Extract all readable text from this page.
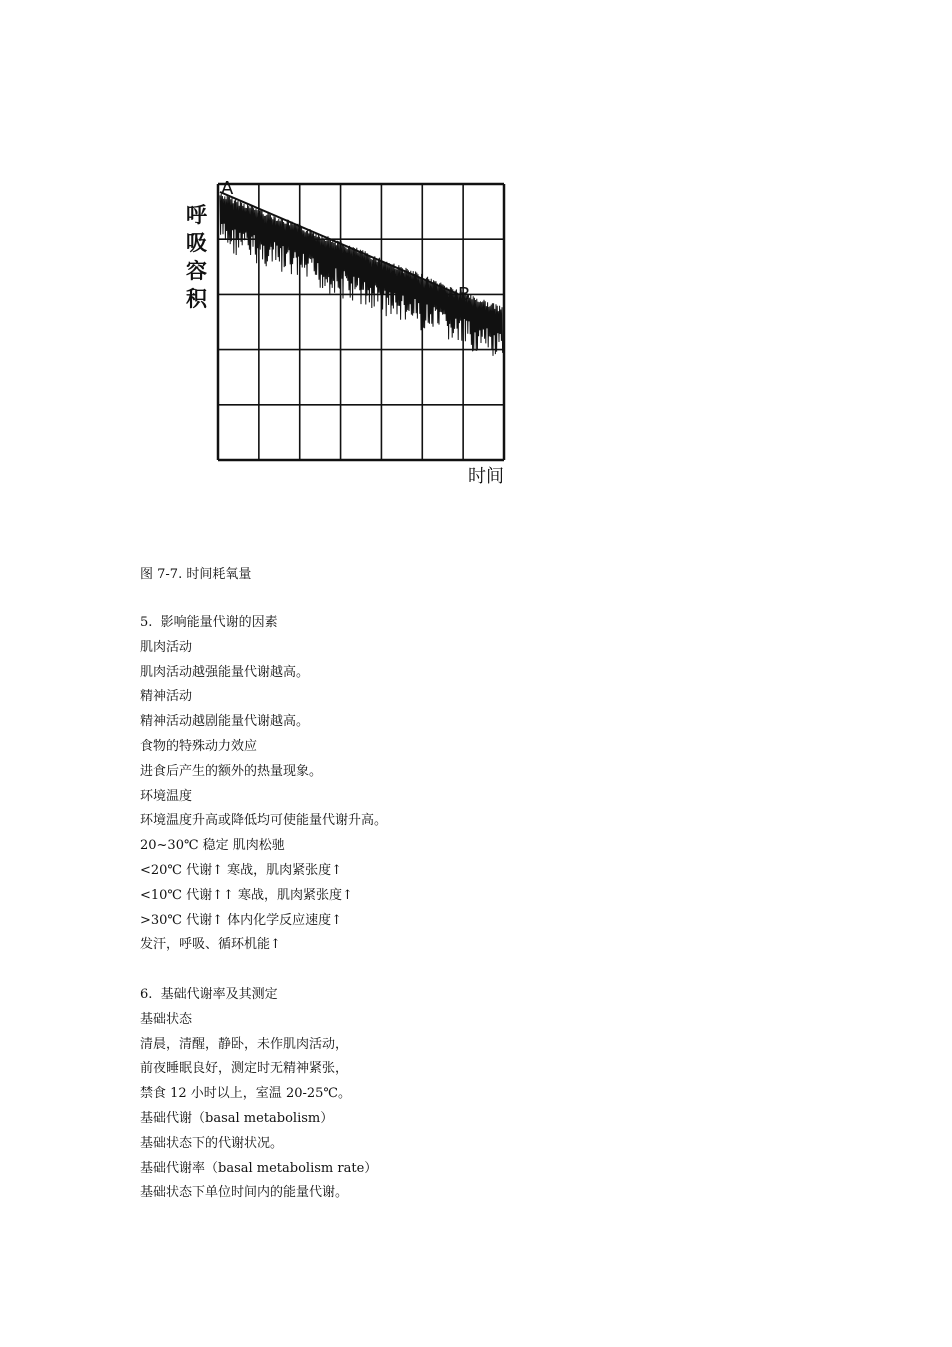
A
B
呼
吸
容
积
时间
图 7-7. 时间耗氧量
5.  影响能量代谢的因素
肌肉活动
肌肉活动越强能量代谢越高。
精神活动
精神活动越剧能量代谢越高。
食物的特殊动力效应
进食后产生的额外的热量现象。
环境温度
环境温度升高或降低均可使能量代谢升高。
20~30℃ 稳定 肌肉松驰
<20℃ 代谢↑ 寒战，肌肉紧张度↑
<10℃ 代谢↑↑ 寒战，肌肉紧张度↑
>30℃ 代谢↑ 体内化学反应速度↑
发汗，呼吸、循环机能↑
6.  基础代谢率及其测定
基础状态
清晨，清醒，静卧，未作肌肉活动，
前夜睡眠良好，测定时无精神紧张，
禁食 12 小时以上，室温 20-25℃。
基础代谢（basal metabolism）
基础状态下的代谢状况。
基础代谢率（basal metabolism rate）
基础状态下单位时间内的能量代谢。
